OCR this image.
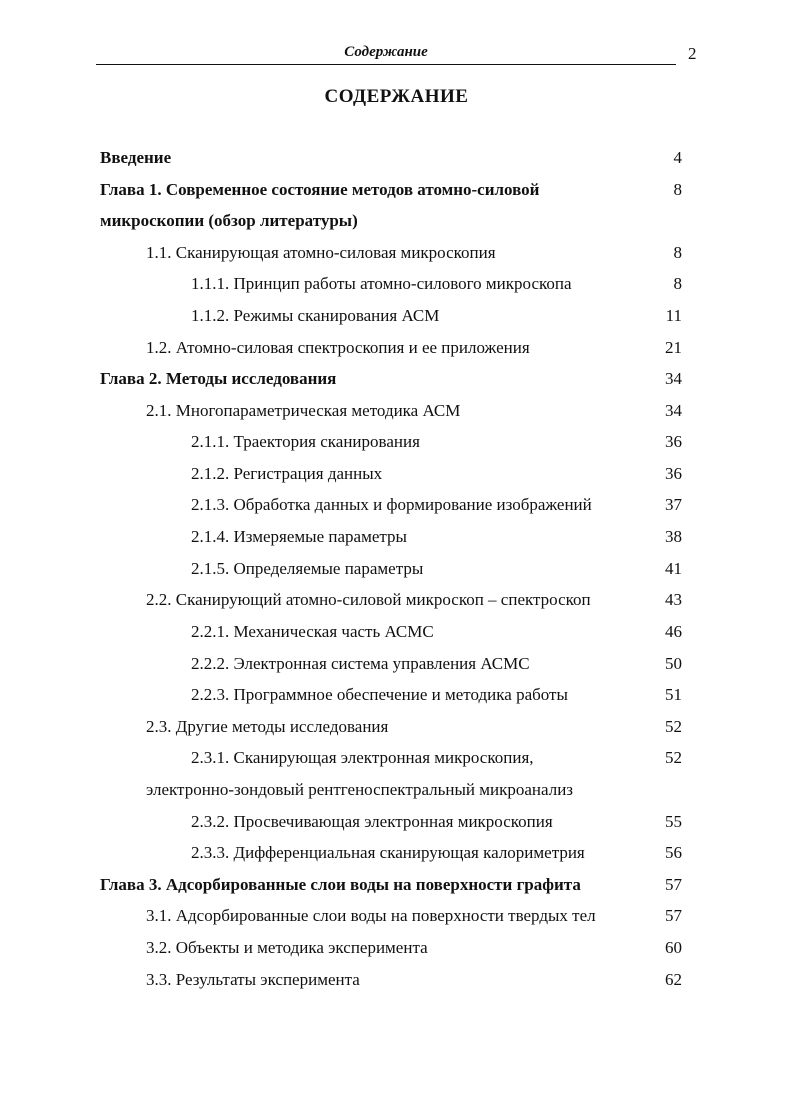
Содержание	2
СОДЕРЖАНИЕ
Введение	4
Глава 1. Современное состояние методов атомно-силовой	8
микроскопии (обзор литературы)
1.1. Сканирующая атомно-силовая микроскопия	8
1.1.1. Принцип работы атомно-силового микроскопа	8
1.1.2. Режимы сканирования АСМ	11
1.2. Атомно-силовая спектроскопия и ее приложения	21
Глава 2. Методы исследования	34
2.1. Многопараметрическая методика АСМ	34
2.1.1. Траектория сканирования	36
2.1.2. Регистрация данных	36
2.1.3. Обработка данных и формирование изображений	37
2.1.4. Измеряемые параметры	38
2.1.5. Определяемые параметры	41
2.2. Сканирующий атомно-силовой микроскоп – спектроскоп	43
2.2.1. Механическая часть АСМС	46
2.2.2. Электронная система управления АСМС	50
2.2.3. Программное обеспечение и методика работы	51
2.3. Другие методы исследования	52
2.3.1. Сканирующая электронная микроскопия,	52
электронно-зондовый рентгеноспектральный микроанализ
2.3.2. Просвечивающая электронная микроскопия	55
2.3.3. Дифференциальная сканирующая калориметрия	56
Глава 3. Адсорбированные слои воды на поверхности графита	57
3.1. Адсорбированные слои воды на поверхности твердых тел	57
3.2. Объекты и методика эксперимента	60
3.3. Результаты эксперимента	62
